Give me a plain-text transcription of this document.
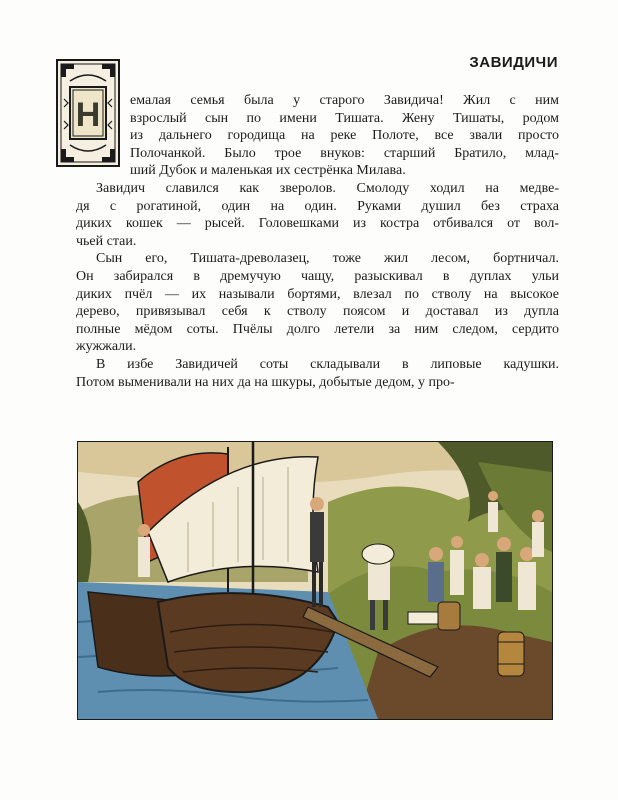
ЗАВИДИЧИ
Н	емалая семья была у старого Завидича! Жил с ним

взрослый сын по имени Тишата. Жену Тишаты, родом

из дальнего городища на реке Полоте, все звали просто

Полочанкой. Было трое внуков: старший Братило, млад-

ший Дубок и маленькая их сестрёнка Милава.

Завидич славился как зверолов. Смолоду ходил на медве-

дя с рогатиной, один на один. Руками душил без страха

диких кошек — рысей. Головешками из костра отбивался от вол-

чьей стаи.

Сын его, Тишата-древолазец, тоже жил лесом, бортничал.

Он забирался в дремучую чащу, разыскивал в дуплах ульи

диких пчёл — их называли бортями, влезал по стволу на высокое

дерево, привязывал себя к стволу поясом и доставал из дупла

полные мёдом соты. Пчёлы долго летели за ним следом, сердито

жужжали.

В избе Завидичей соты складывали в липовые кадушки.

Потом выменивали на них да на шкуры, добытые дедом, у про-
